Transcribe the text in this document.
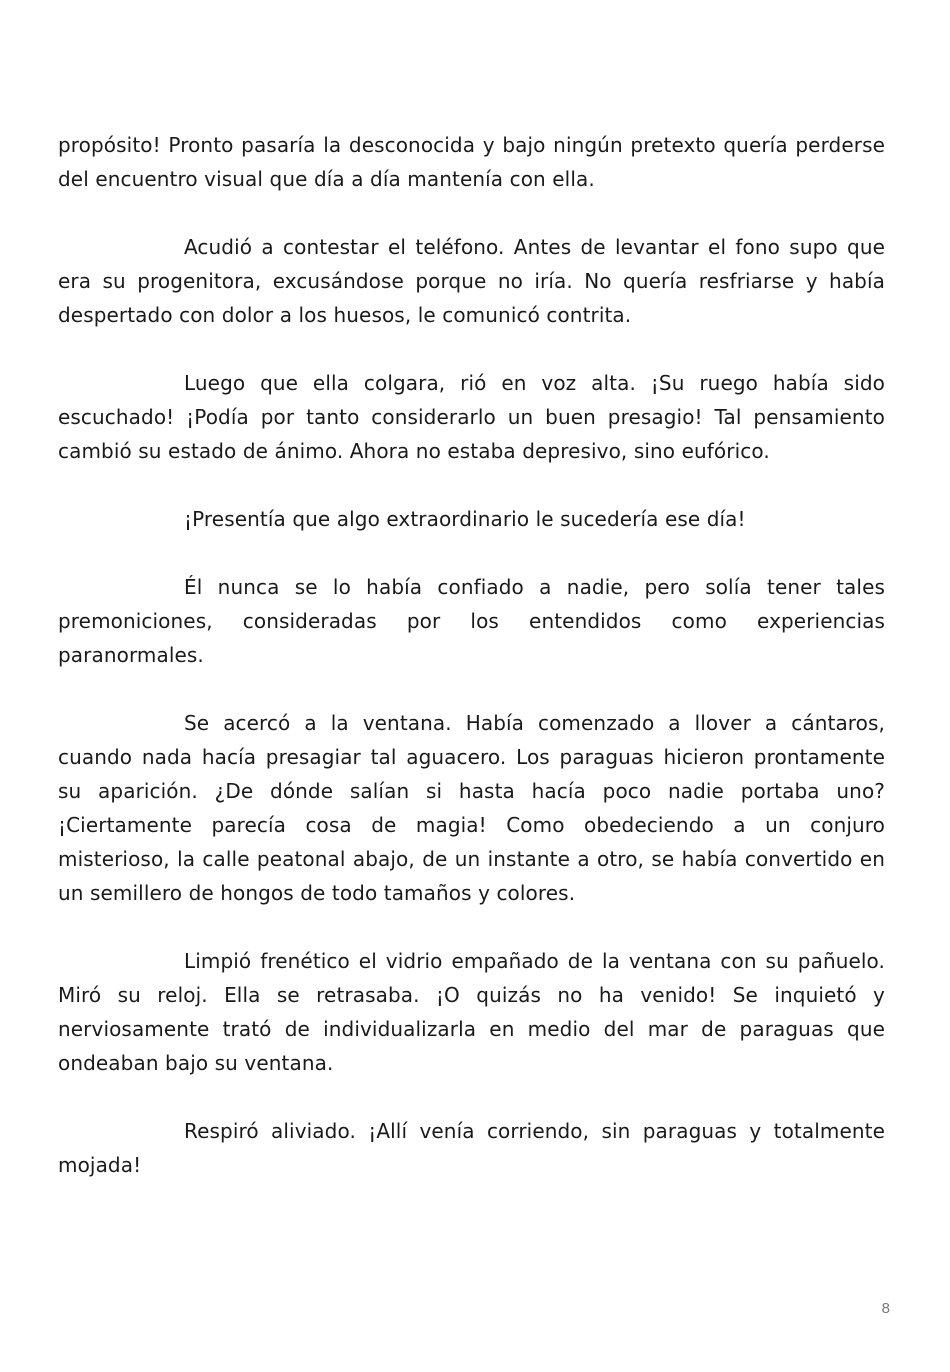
propósito! Pronto pasaría la desconocida y bajo ningún pretexto quería perderse del encuentro visual que día a día mantenía con ella.

Acudió a contestar el teléfono. Antes de levantar el fono supo que era su progenitora, excusándose porque no iría. No quería resfriarse y había despertado con dolor a los huesos, le comunicó contrita.

Luego que ella colgara, rió en voz alta. ¡Su ruego había sido escuchado! ¡Podía por tanto considerarlo un buen presagio! Tal pensamiento cambió su estado de ánimo. Ahora no estaba depresivo, sino eufórico.

¡Presentía que algo extraordinario le sucedería ese día!

Él nunca se lo había confiado a nadie, pero solía tener tales premoniciones, consideradas por los entendidos como experiencias paranormales.

Se acercó a la ventana. Había comenzado a llover a cántaros, cuando nada hacía presagiar tal aguacero. Los paraguas hicieron prontamente su aparición. ¿De dónde salían si hasta hacía poco nadie portaba uno? ¡Ciertamente parecía cosa de magia! Como obedeciendo a un conjuro misterioso, la calle peatonal abajo, de un instante a otro, se había convertido en un semillero de hongos de todo tamaños y colores.

Limpió frenético el vidrio empañado de la ventana con su pañuelo. Miró su reloj. Ella se retrasaba. ¡O quizás no ha venido! Se inquietó y nerviosamente trató de individualizarla en medio del mar de paraguas que ondeaban bajo su ventana.

Respiró aliviado. ¡Allí venía corriendo, sin paraguas y totalmente mojada!

8
